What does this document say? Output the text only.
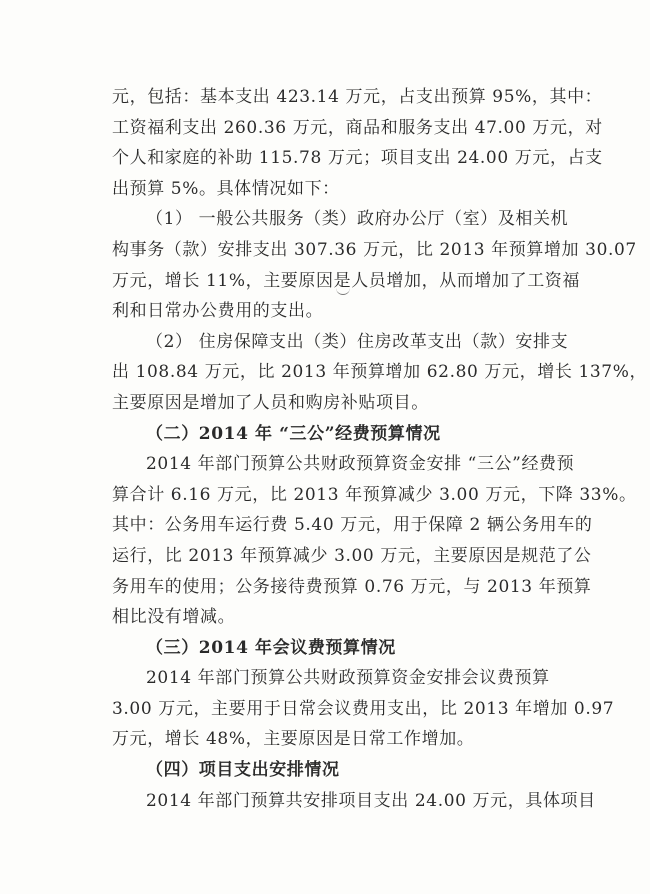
元，包括：基本支出 423.14 万元，占支出预算 95%，其中：
工资福利支出 260.36 万元，商品和服务支出 47.00 万元，对
个人和家庭的补助 115.78 万元；项目支出 24.00 万元，占支
出预算 5%。具体情况如下：
（1） 一般公共服务（类）政府办公厅（室）及相关机
构事务（款）安排支出 307.36 万元，比 2013 年预算增加 30.07
万元，增长 11%，主要原因是人员增加，从而增加了工资福
利和日常办公费用的支出。
（2） 住房保障支出（类）住房改革支出（款）安排支
出 108.84 万元，比 2013 年预算增加 62.80 万元，增长 137%，
主要原因是增加了人员和购房补贴项目。
（二）2014 年 “三公”经费预算情况
2014 年部门预算公共财政预算资金安排 “三公”经费预
算合计 6.16 万元，比 2013 年预算减少 3.00 万元，下降 33%。
其中：公务用车运行费 5.40 万元，用于保障 2 辆公务用车的
运行，比 2013 年预算减少 3.00 万元，主要原因是规范了公
务用车的使用；公务接待费预算 0.76 万元，与 2013 年预算
相比没有增减。
（三）2014 年会议费预算情况
2014 年部门预算公共财政预算资金安排会议费预算
3.00 万元，主要用于日常会议费用支出，比 2013 年增加 0.97
万元，增长 48%，主要原因是日常工作增加。
（四）项目支出安排情况
2014 年部门预算共安排项目支出 24.00 万元，具体项目
